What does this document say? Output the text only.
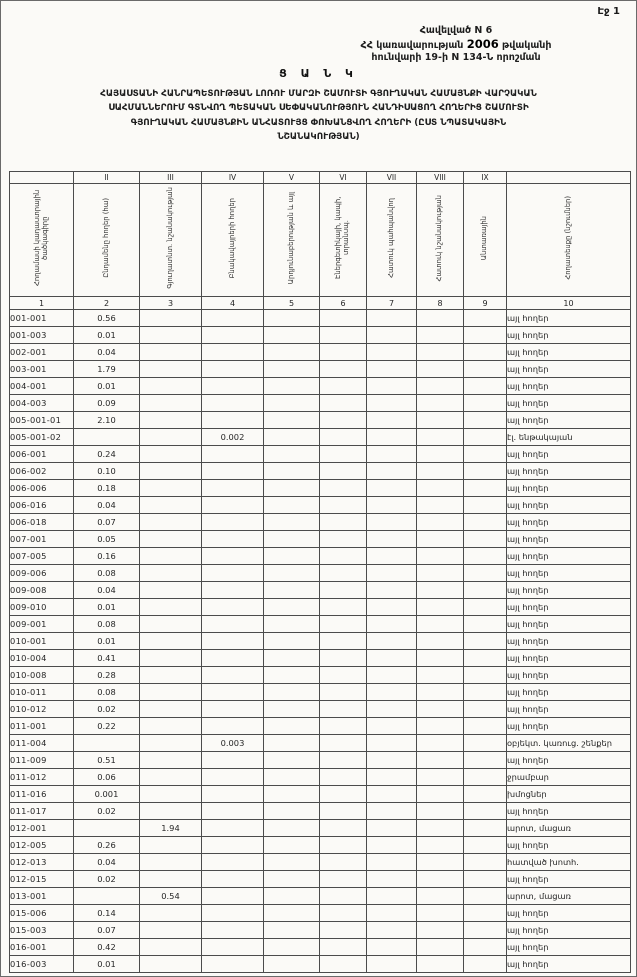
Էջ 1
Հավելված N 6
ՀՀ կառավարության 2006 թվականի
հունվարի 19-ի N 134-Ն որոշման
Ց Ա Ն Կ
ՀԱՅԱՍՏԱՆԻ ՀԱՆՐԱՊԵՏՈՒԹՅԱՆ ԼՈՌՈՒ ՄԱՐԶԻ ՇԱՄՈՒՏԻ ԳՅՈՒՂԱԿԱՆ ՀԱՄԱՅՆՔԻ ՎԱՐՉԱԿԱՆ
ՍԱՀՄԱՆՆԵՐՈՒՄ ԳՏՆՎՈՂ ՊԵՏԱԿԱՆ ՍԵՓԱԿԱՆՈՒԹՅՈՒՆ ՀԱՆԴԻՍԱՑՈՂ ՀՈՂԵՐԻՑ ՇԱՄՈՒՏԻ
ԳՅՈՒՂԱԿԱՆ ՀԱՄԱՅՆՔԻՆ ԱՆՀԱՏՈՒՅՑ ՓՈԽԱՆՑՎՈՂ ՀՈՂԵՐԻ (ԸՍՏ ՆՊԱՏԱԿԱՅԻՆ
ՆՇԱՆԱԿՈՒԹՅԱՆ)
	II	III	IV	V	VI	VII	VIII	IX	
Հողամասի կադաստրային ծածկագիրը	Ընդամենը հողեր (հա)	Գյուղատնտ. նշանակության	Բնակավայրերի հողեր	Արդյունաբերության և այլ	Էներգետիկայի, կապի, տրանսպ.	Հատուկ պահպանվող	Հատուկ նշանակության	Անտառային	Հողատեսքը (նշումներ)
1	2	3	4	5	6	7	8	9	10
001-001	0.56								այլ հողեր
001-003	0.01								այլ հողեր
002-001	0.04								այլ հողեր
003-001	1.79								այլ հողեր
004-001	0.01								այլ հողեր
004-003	0.09								այլ հողեր
005-001-01	2.10								այլ հողեր
005-001-02			0.002						էլ. ենթակայան
006-001	0.24								այլ հողեր
006-002	0.10								այլ հողեր
006-006	0.18								այլ հողեր
006-016	0.04								այլ հողեր
006-018	0.07								այլ հողեր
007-001	0.05								այլ հողեր
007-005	0.16								այլ հողեր
009-006	0.08								այլ հողեր
009-008	0.04								այլ հողեր
009-010	0.01								այլ հողեր
009-001	0.08								այլ հողեր
010-001	0.01								այլ հողեր
010-004	0.41								այլ հողեր
010-008	0.28								այլ հողեր
010-011	0.08								այլ հողեր
010-012	0.02								այլ հողեր
011-001	0.22								այլ հողեր
011-004			0.003						օբյեկտ. կառուց. շենքեր
011-009	0.51								այլ հողեր
011-012	0.06								ջրամբար
011-016	0.001								խմոցներ
011-017	0.02								այլ հողեր
012-001		1.94							արոտ, մացառ
012-005	0.26								այլ հողեր
012-013	0.04								հատված խոտհ.
012-015	0.02								այլ հողեր
013-001		0.54							արոտ, մացառ
015-006	0.14								այլ հողեր
015-003	0.07								այլ հողեր
016-001	0.42								այլ հողեր
016-003	0.01								այլ հողեր
